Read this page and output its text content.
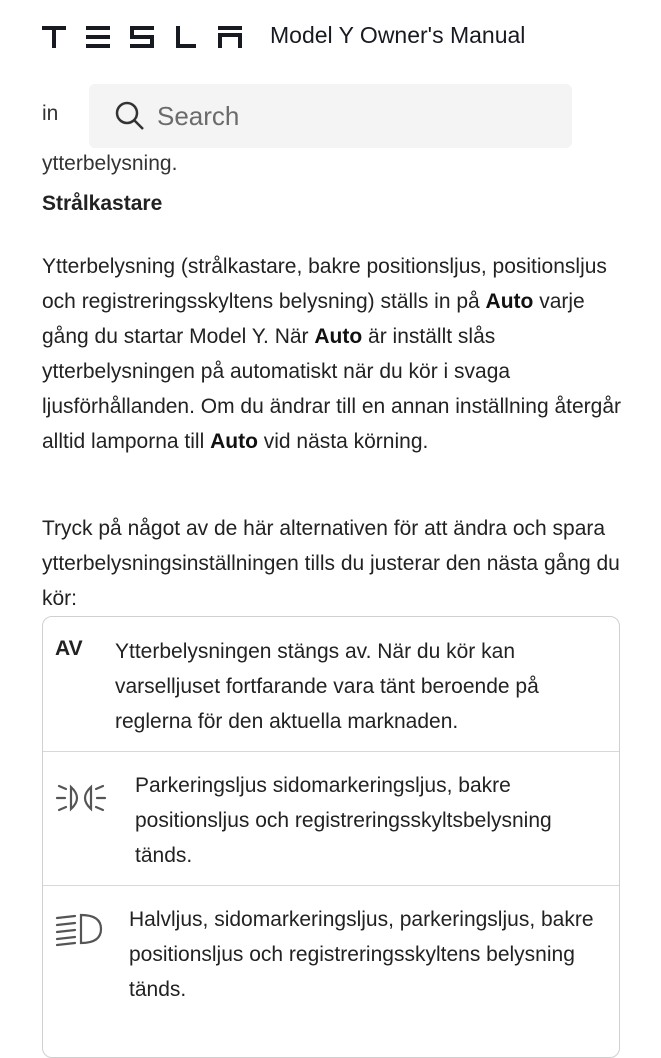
Model Y Owner's Manual
in
ytterbelysning.
Search
Strålkastare

Ytterbelysning (strålkastare, bakre positionsljus, positionsljus och registreringsskyltens belysning) ställs in på Auto varje gång du startar Model Y. När Auto är inställt slås ytterbelysningen på automatiskt när du kör i svaga ljusförhållanden. Om du ändrar till en annan inställning återgår alltid lamporna till Auto vid nästa körning.

Tryck på något av de här alternativen för att ändra och spara ytterbelysningsinställningen tills du justerar den nästa gång du kör:

AV Ytterbelysningen stängs av. När du kör kan varselljuset fortfarande vara tänt beroende på reglerna för den aktuella marknaden.
Parkeringsljus sidomarkeringsljus, bakre positionsljus och registreringsskyltsbelysning tänds.
Halvljus, sidomarkeringsljus, parkeringsljus, bakre positionsljus och registreringsskyltens belysning tänds.
